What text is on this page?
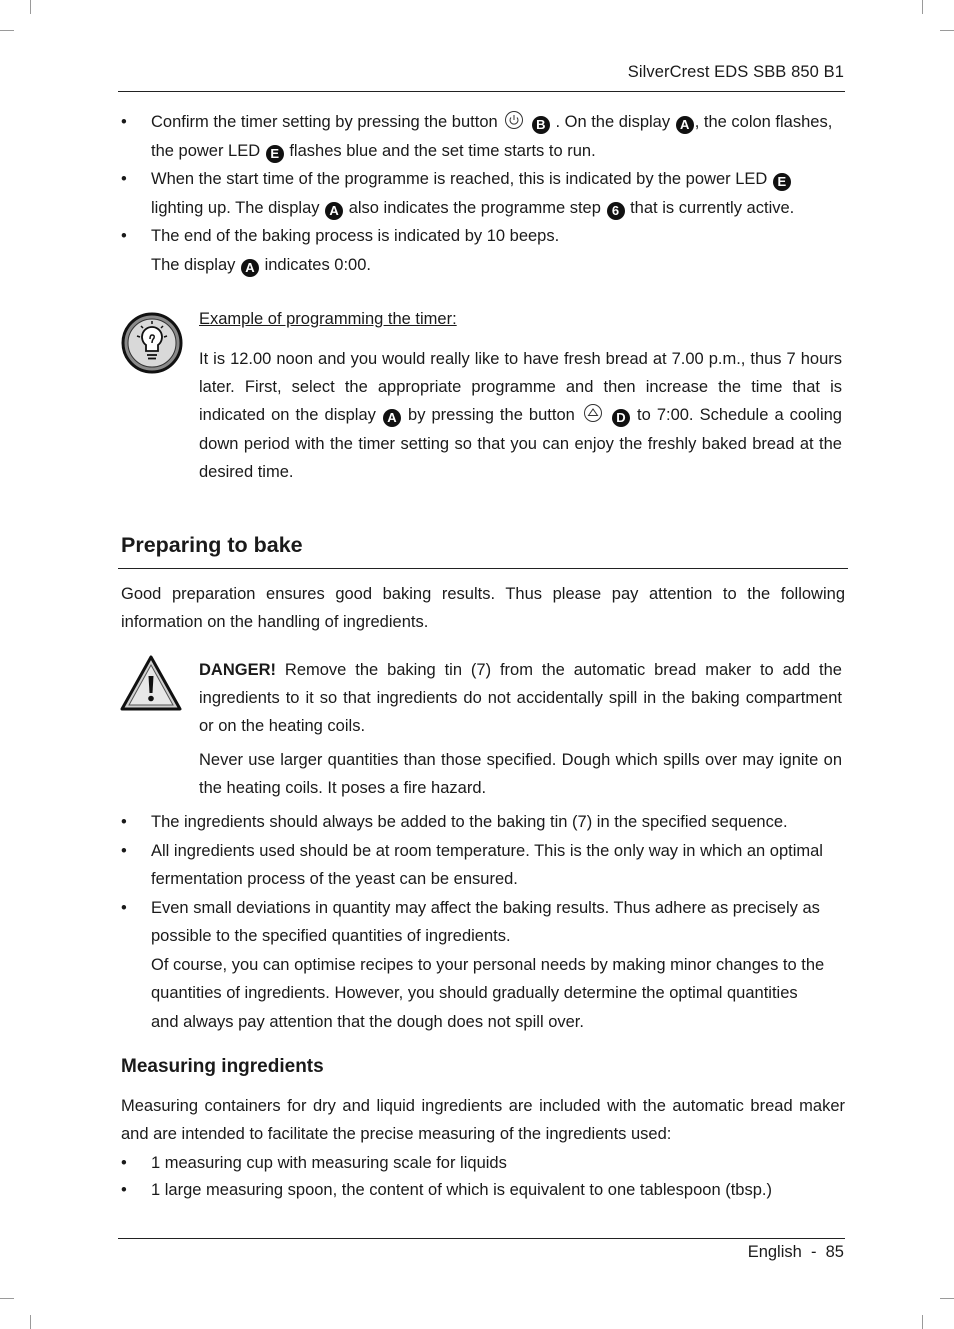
SilverCrest EDS SBB 850 B1
• Confirm the timer setting by pressing the button	B . On the display A , the colon flashes, the power LED E flashes blue and the set time starts to run.
• When the start time of the programme is reached, this is indicated by the power LED E lighting up. The display A also indicates the programme step 6 that is currently active.
• The end of the baking process is indicated by 10 beeps.
The display A indicates 0:00.
Example of programming the timer:
It is 12.00 noon and you would really like to have fresh bread at 7.00 p.m., thus 7 hours later. First, select the appropriate programme and then increase the time that is indicated on the display A by pressing the button	D to 7:00. Schedule a cooling down period with the timer setting so that you can enjoy the freshly baked bread at the desired time.
Preparing to bake
Good preparation ensures good baking results. Thus please pay attention to the following information on the handling of ingredients.
DANGER! Remove the baking tin (7) from the automatic bread maker to add the ingredients to it so that ingredients do not accidentally spill in the baking compartment or on the heating coils.
Never use larger quantities than those specified. Dough which spills over may ignite on the heating coils. It poses a fire hazard.
• The ingredients should always be added to the baking tin (7) in the specified sequence.
• All ingredients used should be at room temperature. This is the only way in which an optimal fermentation process of the yeast can be ensured.
• Even small deviations in quantity may affect the baking results. Thus adhere as precisely as possible to the specified quantities of ingredients.
Of course, you can optimise recipes to your personal needs by making minor changes to the quantities of ingredients. However, you should gradually determine the optimal quantities and always pay attention that the dough does not spill over.
Measuring ingredients
Measuring containers for dry and liquid ingredients are included with the automatic bread maker and are intended to facilitate the precise measuring of the ingredients used:
• 1 measuring cup with measuring scale for liquids
• 1 large measuring spoon, the content of which is equivalent to one tablespoon (tbsp.)
English  -  85
